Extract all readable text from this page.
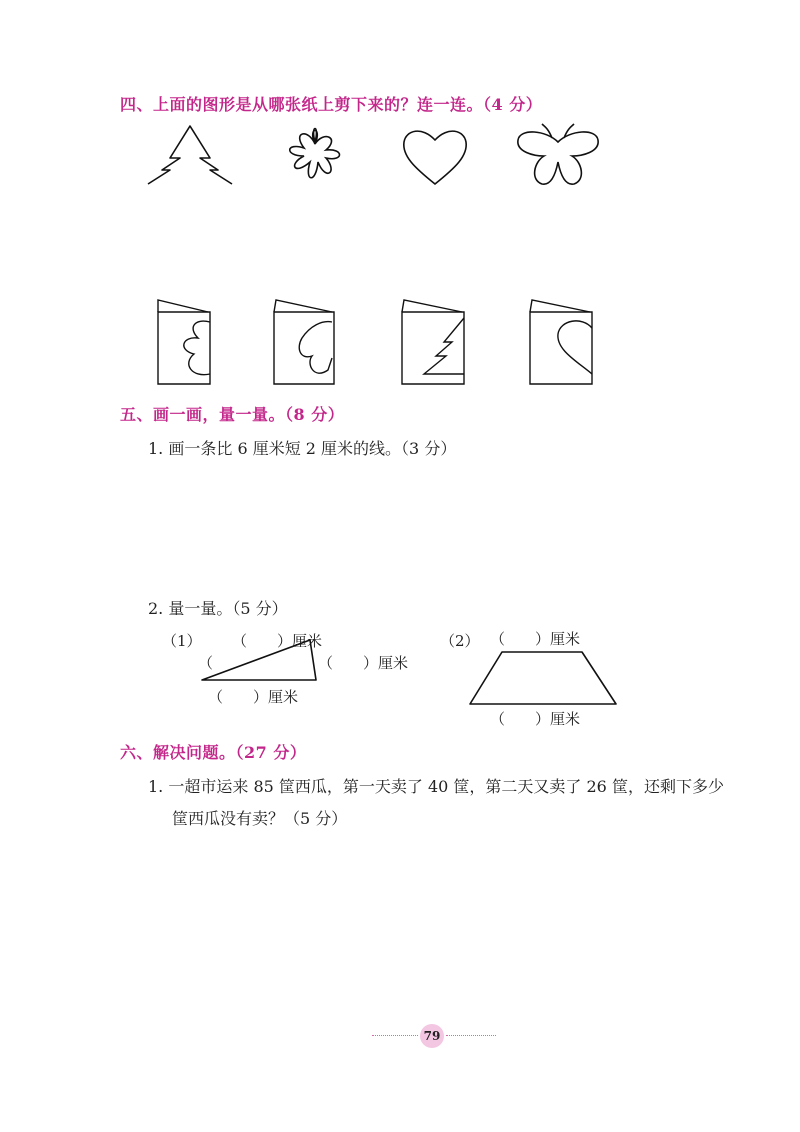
四、上面的图形是从哪张纸上剪下来的？连一连。（4 分）
五、画一画，量一量。（8 分）
1. 画一条比 6 厘米短 2 厘米的线。（3 分）
2. 量一量。（5 分）
（1） （　　）厘米
（	（　　）厘米
（　　）厘米
（2） （　　）厘米
（　　）厘米
六、解决问题。（27 分）
1. 一超市运来 85 筐西瓜，第一天卖了 40 筐，第二天又卖了 26 筐，还剩下多少
筐西瓜没有卖？（5 分）
79
